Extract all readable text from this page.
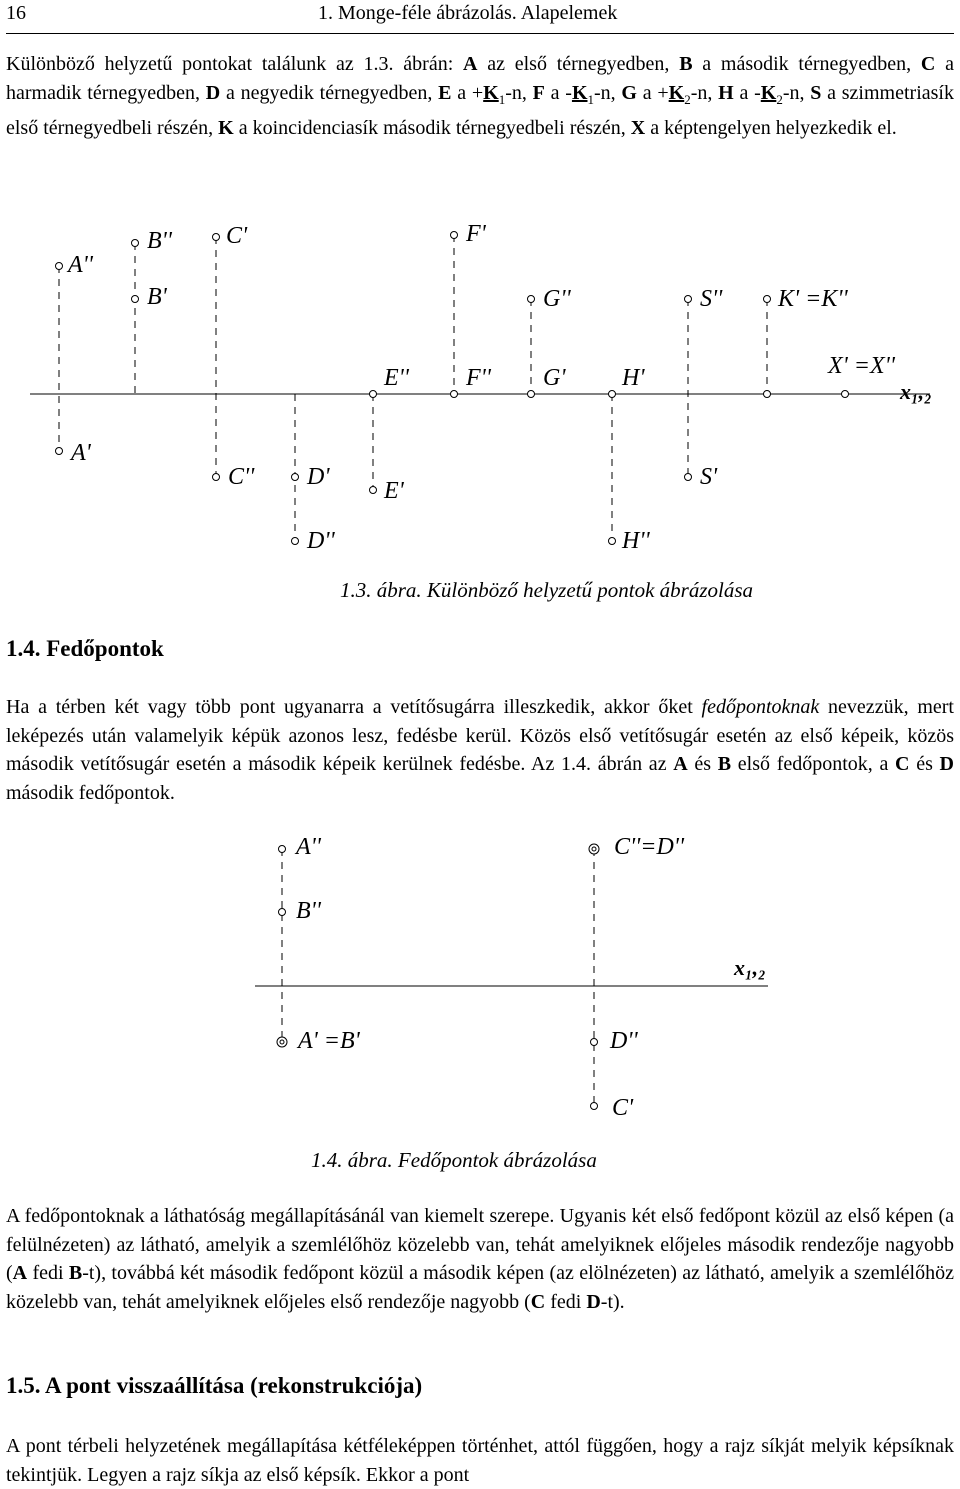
16	1. Monge-féle ábrázolás. Alapelemek
Különböző helyzetű pontokat találunk az 1.3. ábrán: A az első térnegyedben, B a második térnegyedben, C a harmadik térnegyedben, D a negyedik térnegyedben, E $a +K_1-n$, F a $-K_1-n$, G $a +K_2-n$, H a $-K_2-n$, S a szimmetriasík első térnegyedbeli részén, K a koincidenciasík második térnegyedbeli részén, X a képtengelyen helyezkedik el.
A''
A'
B''
B'
C'
C'' D'
D''
E''
E'
F'
F''
G''
G' H'
H''
S''
S'
K' =K''
X' =X''
x₁,₂
1.3. ábra. Különböző helyzetű pontok ábrázolása
1.4. Fedőpontok
Ha a térben két vagy több pont ugyanarra a vetítősugárra illeszkedik, akkor őket fedőpontoknak nevezzük, mert leképezés után valamelyik képük azonos lesz, fedésbe kerül. Közös első vetítősugár esetén az első képeik, közös második vetítősugár esetén a második képeik kerülnek fedésbe. Az 1.4. ábrán az A és B első fedőpontok, a C és D második fedőpontok.
A''
B''
A' =B'
C''=D''
D''
C'
x₁,₂
1.4. ábra. Fedőpontok ábrázolása
A fedőpontoknak a láthatóság megállapításánál van kiemelt szerepe. Ugyanis két első fedőpont közül az első képen (a felülnézeten) az látható, amelyik a szemlélőhöz közelebb van, tehát amelyiknek előjeles második rendezője nagyobb (A fedi B-t), továbbá két második fedőpont közül a második képen (az elölnézeten) az látható, amelyik a szemlélőhöz közelebb van, tehát amelyiknek előjeles első rendezője nagyobb (C fedi D-t).
1.5. A pont visszaállítása (rekonstrukciója)
A pont térbeli helyzetének megállapítása kétféleképpen történhet, attól függően, hogy a rajz síkját melyik képsíknak tekintjük. Legyen a rajz síkja az első képsík. Ekkor a pont
